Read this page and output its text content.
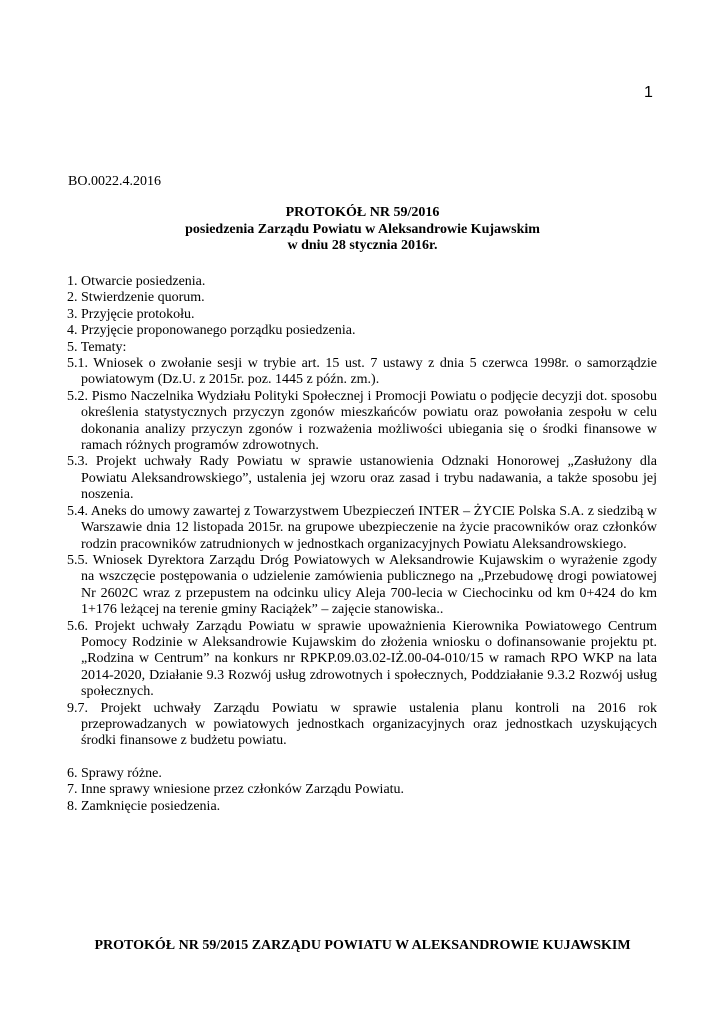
1
BO.0022.4.2016
PROTOKÓŁ NR 59/2016
posiedzenia Zarządu Powiatu w Aleksandrowie Kujawskim
w dniu 28 stycznia 2016r.
1. Otwarcie posiedzenia.
2. Stwierdzenie quorum.
3. Przyjęcie protokołu.
4. Przyjęcie proponowanego porządku posiedzenia.
5. Tematy:
5.1. Wniosek o zwołanie sesji w trybie art. 15 ust. 7 ustawy z dnia 5 czerwca 1998r. o samorządzie powiatowym (Dz.U. z 2015r. poz. 1445 z późn. zm.).
5.2. Pismo Naczelnika Wydziału Polityki Społecznej i Promocji Powiatu o podjęcie decyzji dot. sposobu określenia statystycznych przyczyn zgonów mieszkańców powiatu oraz powołania zespołu w celu dokonania analizy przyczyn zgonów i rozważenia możliwości ubiegania się o środki finansowe w ramach różnych programów zdrowotnych.
5.3. Projekt uchwały Rady Powiatu w sprawie ustanowienia Odznaki Honorowej „Zasłużony dla Powiatu Aleksandrowskiego”, ustalenia jej wzoru oraz zasad i trybu nadawania, a także sposobu jej noszenia.
5.4. Aneks do umowy zawartej z Towarzystwem Ubezpieczeń INTER – ŻYCIE Polska S.A. z siedzibą w Warszawie dnia 12 listopada 2015r. na grupowe ubezpieczenie na życie pracowników oraz członków rodzin pracowników zatrudnionych w jednostkach organizacyjnych Powiatu Aleksandrowskiego.
5.5. Wniosek Dyrektora Zarządu Dróg Powiatowych w Aleksandrowie Kujawskim o wyrażenie zgody na wszczęcie postępowania o udzielenie zamówienia publicznego na „Przebudowę drogi powiatowej Nr 2602C wraz z przepustem na odcinku ulicy Aleja 700-lecia w Ciechocinku od km 0+424 do km 1+176 leżącej na terenie gminy Raciążek” – zajęcie stanowiska..
5.6. Projekt uchwały Zarządu Powiatu w sprawie upoważnienia Kierownika Powiatowego Centrum Pomocy Rodzinie w Aleksandrowie Kujawskim do złożenia wniosku o dofinansowanie projektu pt. „Rodzina w Centrum” na konkurs nr RPKP.09.03.02-IŻ.00-04-010/15 w ramach RPO WKP na lata 2014-2020, Działanie 9.3 Rozwój usług zdrowotnych i społecznych, Poddziałanie 9.3.2 Rozwój usług społecznych.
9.7. Projekt uchwały Zarządu Powiatu w sprawie ustalenia planu kontroli na 2016 rok przeprowadzanych w powiatowych jednostkach organizacyjnych oraz jednostkach uzyskujących środki finansowe z budżetu powiatu.
6. Sprawy różne.
7. Inne sprawy wniesione przez członków Zarządu Powiatu.
8. Zamknięcie posiedzenia.
PROTOKÓŁ NR 59/2015 ZARZĄDU POWIATU W ALEKSANDROWIE KUJAWSKIM
